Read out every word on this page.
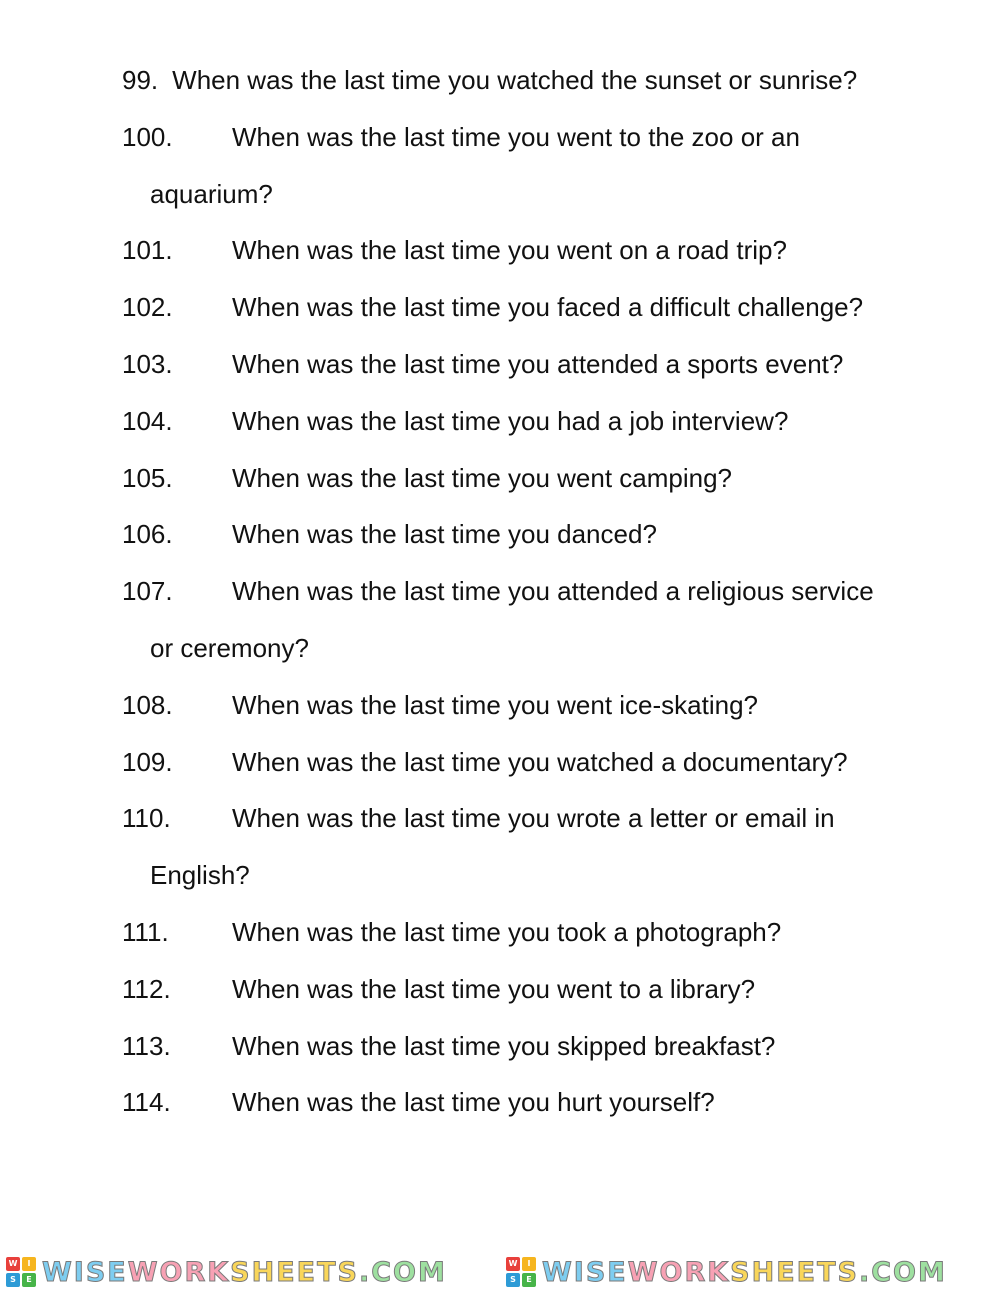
99. When was the last time you watched the sunset or sunrise?
100. When was the last time you went to the zoo or an
aquarium?
101. When was the last time you went on a road trip?
102. When was the last time you faced a difficult challenge?
103. When was the last time you attended a sports event?
104. When was the last time you had a job interview?
105. When was the last time you went camping?
106. When was the last time you danced?
107. When was the last time you attended a religious service
or ceremony?
108. When was the last time you went ice-skating?
109. When was the last time you watched a documentary?
110. When was the last time you wrote a letter or email in
English?
111. When was the last time you took a photograph?
112. When was the last time you went to a library?
113. When was the last time you skipped breakfast?
114. When was the last time you hurt yourself?
W	I
S	E WISEWORKSHEETS.COM	W	I
S	E WISEWORKSHEETS.COM
